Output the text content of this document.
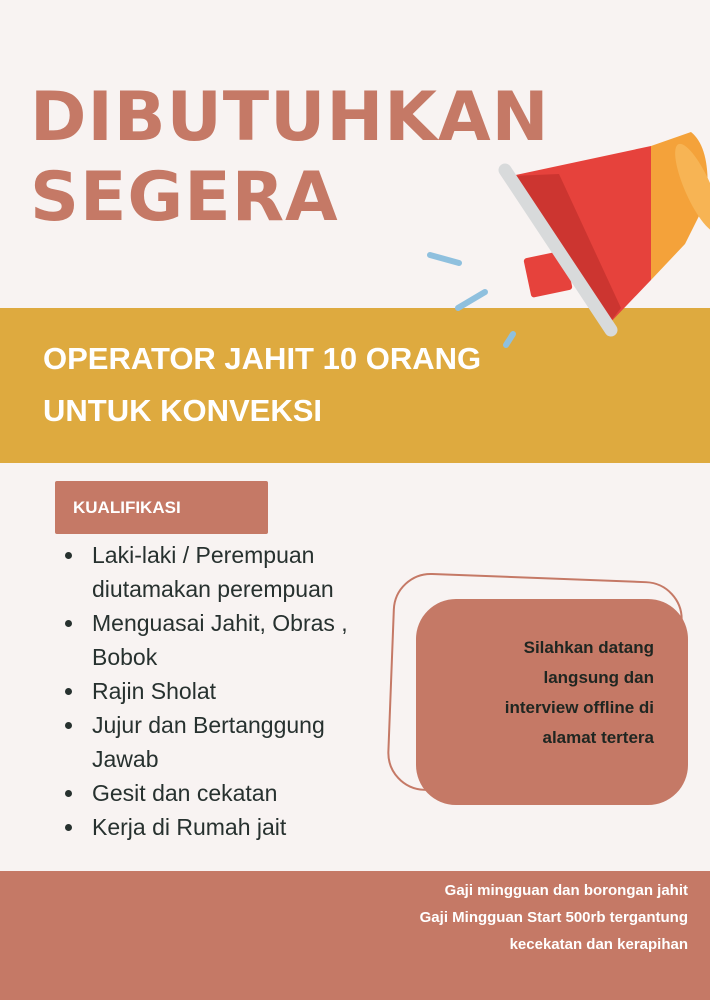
DIBUTUHKAN
SEGERA

OPERATOR JAHIT 10 ORANG
UNTUK KONVEKSI

KUALIFIKASI
Laki-laki / Perempuan
diutamakan perempuan
Menguasai Jahit, Obras ,
Bobok
Rajin Sholat
Jujur dan Bertanggung
Jawab
Gesit dan cekatan
Kerja di Rumah jait

Silahkan datang
langsung dan
interview offline di
alamat tertera

Gaji mingguan dan borongan jahit
Gaji Mingguan Start 500rb tergantung
kecekatan dan kerapihan
